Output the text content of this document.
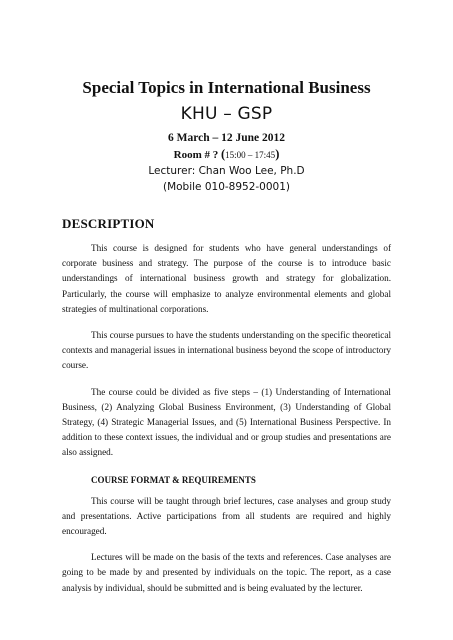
Special Topics in International Business
KHU – GSP
6 March – 12 June 2012
Room # ? (15:00 – 17:45)
Lecturer: Chan Woo Lee, Ph.D
(Mobile 010-8952-0001)
DESCRIPTION

This course is designed for students who have general understandings of corporate business and strategy. The purpose of the course is to introduce basic understandings of international business growth and strategy for globalization. Particularly, the course will emphasize to analyze environmental elements and global strategies of multinational corporations.

This course pursues to have the students understanding on the specific theoretical contexts and managerial issues in international business beyond the scope of introductory course.

The course could be divided as five steps – (1) Understanding of International Business, (2) Analyzing Global Business Environment, (3) Understanding of Global Strategy, (4) Strategic Managerial Issues, and (5) International Business Perspective. In addition to these context issues, the individual and or group studies and presentations are also assigned.

COURSE FORMAT & REQUIREMENTS

This course will be taught through brief lectures, case analyses and group study and presentations. Active participations from all students are required and highly encouraged.

Lectures will be made on the basis of the texts and references. Case analyses are going to be made by and presented by individuals on the topic. The report, as a case analysis by individual, should be submitted and is being evaluated by the lecturer.
